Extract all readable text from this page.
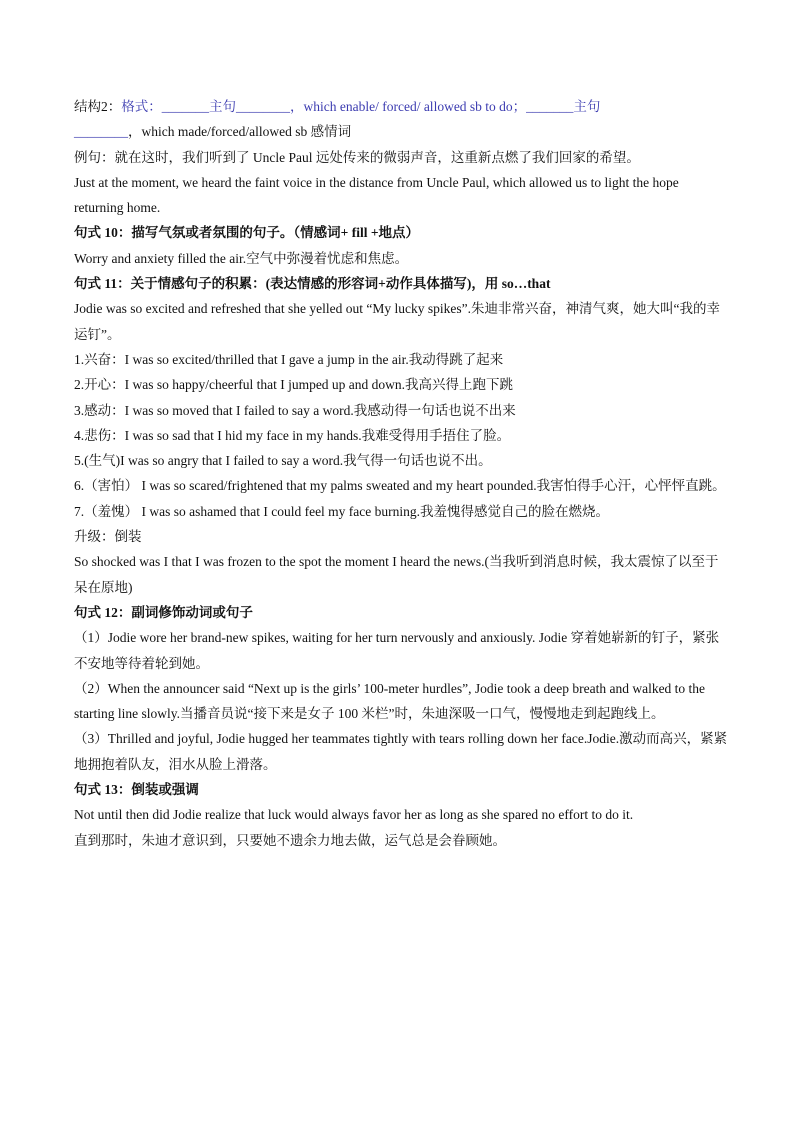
结构2：格式：_______主句________，which enable/ forced/ allowed sb to do；_______主句
________，which made/forced/allowed sb 感情词
例句：就在这时，我们听到了 Uncle Paul 远处传来的微弱声音，这重新点燃了我们回家的希望。
Just at the moment, we heard the faint voice in the distance from Uncle Paul, which allowed us to light the hope returning home.
句式 10：描写气氛或者氛围的句子。（情感词+ fill +地点）
Worry and anxiety filled the air.空气中弥漫着忧虑和焦虑。
句式 11：关于情感句子的积累：(表达情感的形容词+动作具体描写)，用 so…that
Jodie was so excited and refreshed that she yelled out “My lucky spikes”.朱迪非常兴奋，神清气爽，她大叫“我的幸运钉”。
1.兴奋：I was so excited/thrilled that I gave a jump in the air.我动得跳了起来
2.开心：I was so happy/cheerful that I jumped up and down.我高兴得上跑下跳
3.感动：I was so moved that I failed to say a word.我感动得一句话也说不出来
4.悲伤：I was so sad that I hid my face in my hands.我难受得用手捂住了脸。
5.(生气)I was so angry that I failed to say a word.我气得一句话也说不出。
6.（害怕） I was so scared/frightened that my palms sweated and my heart pounded.我害怕得手心汗，心怦怦直跳。
7.（羞愧） I was so ashamed that I could feel my face burning.我羞愧得感觉自己的脸在燃烧。
升级：倒装
So shocked was I that I was frozen to the spot the moment I heard the news.(当我听到消息时候，我太震惊了以至于呆在原地)
句式 12：副词修饰动词或句子
（1）Jodie wore her brand-new spikes, waiting for her turn nervously and anxiously. Jodie 穿着她崭新的钉子，紧张不安地等待着轮到她。
（2）When the announcer said “Next up is the girls’ 100-meter hurdles”, Jodie took a deep breath and walked to the starting line slowly.当播音员说“接下来是女子 100 米栏”时，朱迪深吸一口气，慢慢地走到起跑线上。
（3）Thrilled and joyful, Jodie hugged her teammates tightly with tears rolling down her face.Jodie.激动而高兴，紧紧地拥抱着队友，泪水从脸上滑落。
句式 13：倒装或强调
Not until then did Jodie realize that luck would always favor her as long as she spared no effort to do it.
直到那时，朱迪才意识到，只要她不遗余力地去做，运气总是会眷顾她。
